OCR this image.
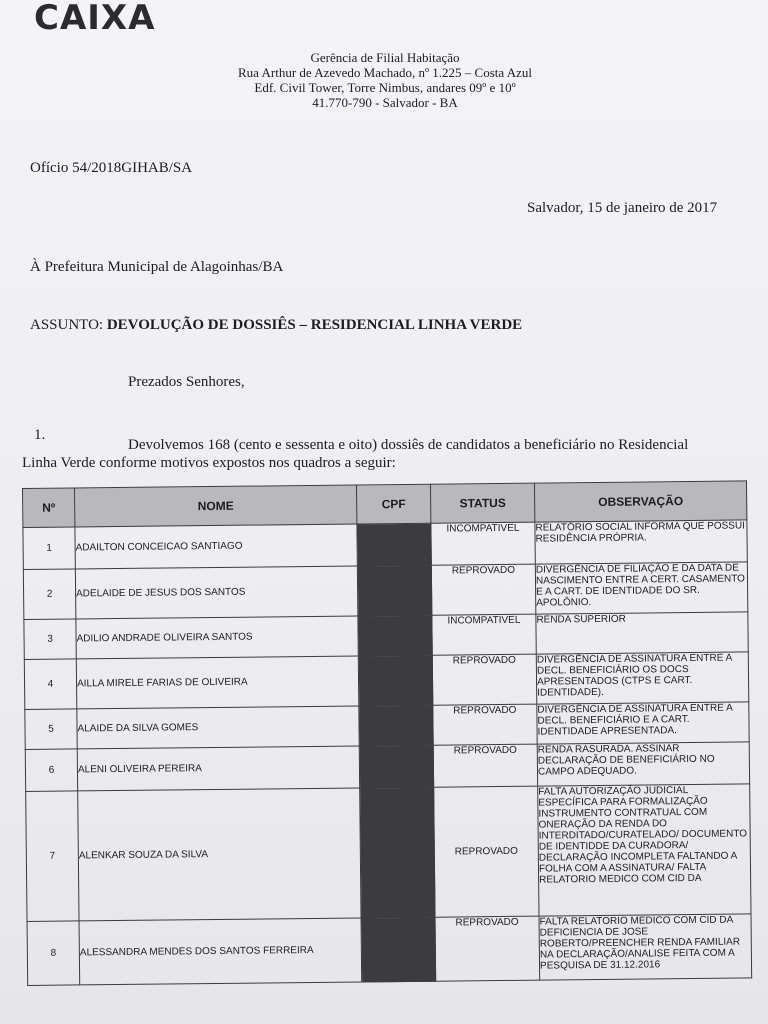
CAIXA
Gerência de Filial Habitação
Rua Arthur de Azevedo Machado, nº 1.225 – Costa Azul
Edf. Civil Tower, Torre Nimbus, andares 09º e 10º
41.770-790 - Salvador - BA
Ofício 54/2018GIHAB/SA
Salvador, 15 de janeiro de 2017
À Prefeitura Municipal de Alagoinhas/BA
ASSUNTO: DEVOLUÇÃO DE DOSSIÊS – RESIDENCIAL LINHA VERDE
Prezados Senhores,
1.
Devolvemos 168 (cento e sessenta e oito) dossiês de candidatos a beneficiário no Residencial
Linha Verde conforme motivos expostos nos quadros a seguir:
Nº	NOME	CPF	STATUS	OBSERVAÇÃO
1	ADAILTON CONCEICAO SANTIAGO		INCOMPATIVEL	RELATÓRIO SOCIAL INFORMA QUE POSSUI RESIDÊNCIA PRÓPRIA.
2	ADELAIDE DE JESUS DOS SANTOS		REPROVADO	DIVERGÊNCIA DE FILIAÇÃO E DA DATA DE NASCIMENTO ENTRE A CERT. CASAMENTO E A CART. DE IDENTIDADE DO SR. APOLÔNIO.
3	ADILIO ANDRADE OLIVEIRA SANTOS		INCOMPATIVEL	RENDA SUPERIOR
4	AILLA MIRELE FARIAS DE OLIVEIRA		REPROVADO	DIVERGÊNCIA DE ASSINATURA ENTRE A DECL. BENEFICIÁRIO OS DOCS APRESENTADOS (CTPS E CART. IDENTIDADE).
5	ALAIDE DA SILVA GOMES		REPROVADO	DIVERGÊNCIA DE ASSINATURA ENTRE A DECL. BENEFICIÁRIO E A CART. IDENTIDADE APRESENTADA.
6	ALENI OLIVEIRA PEREIRA		REPROVADO	RENDA RASURADA. ASSINAR DECLARAÇÃO DE BENEFICIÁRIO NO CAMPO ADEQUADO.
7	ALENKAR SOUZA DA SILVA		REPROVADO	FALTA AUTORIZAÇÃO JUDICIAL ESPECÍFICA PARA FORMALIZAÇÃO INSTRUMENTO CONTRATUAL COM ONERAÇÃO DA RENDA DO INTERDITADO/CURATELADO/ DOCUMENTO DE IDENTIDDE DA CURADORA/ DECLARAÇÃO INCOMPLETA FALTANDO A FOLHA COM A ASSINATURA/ FALTA RELATORIO MEDICO COM CID DA
8	ALESSANDRA MENDES DOS SANTOS FERREIRA		REPROVADO	FALTA RELATORIO MEDICO COM CID DA DEFICIENCIA DE JOSE ROBERTO/PREENCHER RENDA FAMILIAR NA DECLARAÇÃO/ANALISE FEITA COM A PESQUISA DE 31.12.2016
